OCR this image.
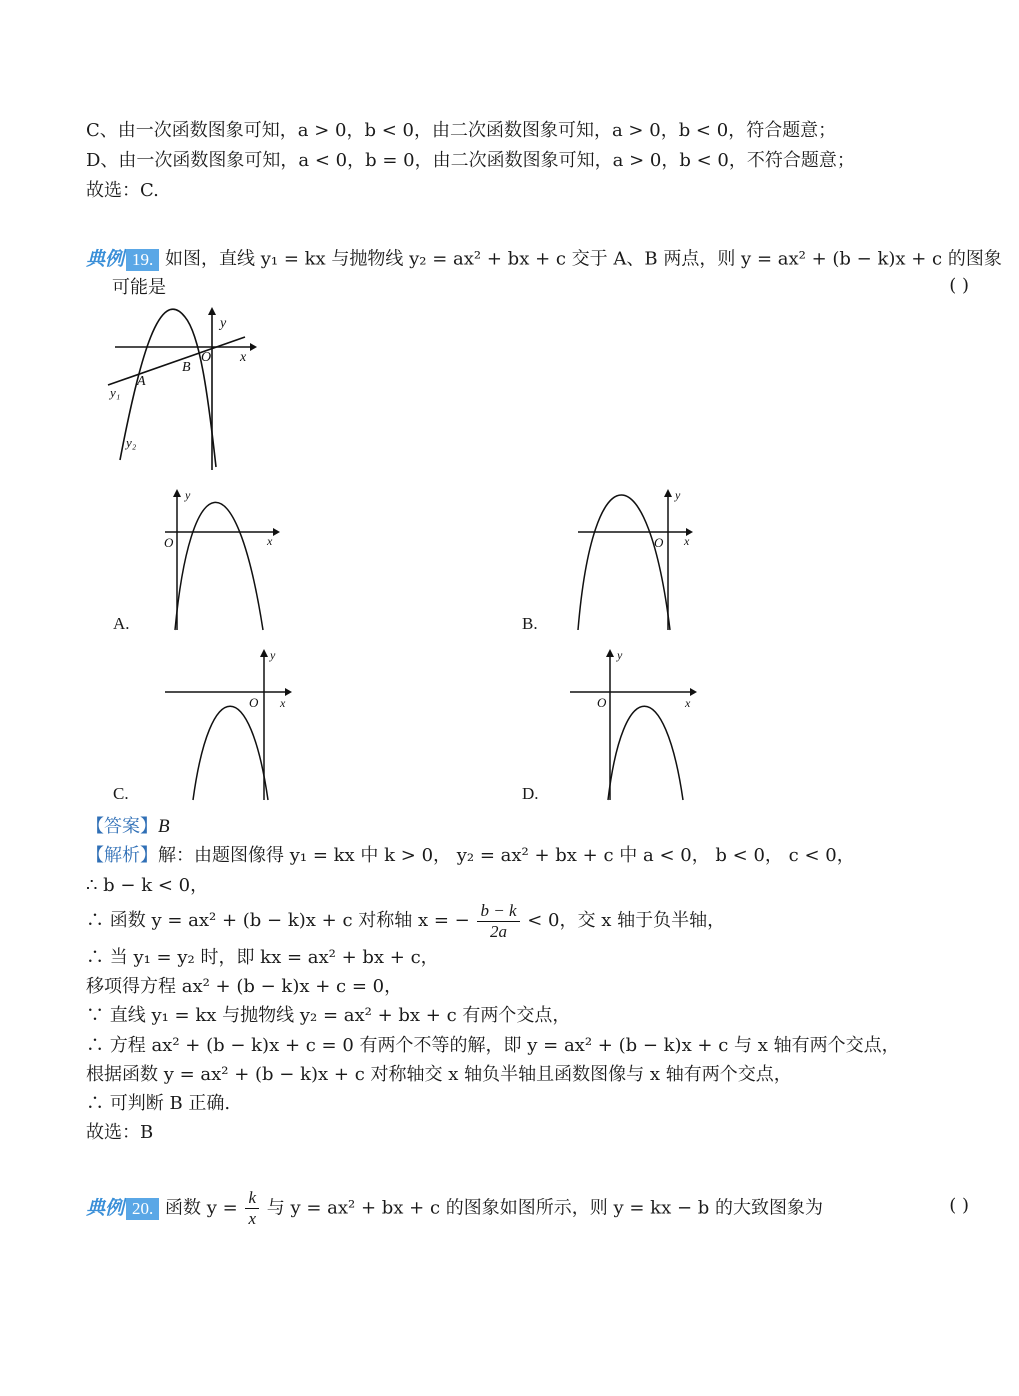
C、由一次函数图象可知，a > 0，b < 0，由二次函数图象可知，a > 0，b < 0，符合题意；
D、由一次函数图象可知，a < 0，b = 0，由二次函数图象可知，a > 0，b < 0，不符合题意；
故选：C.
典例 19. 如图，直线 y₁ = kx 与抛物线 y₂ = ax² + bx + c 交于 A、B 两点，则 y = ax² + (b − k)x + c 的图象
可能是	( )
y
x
O
A
B
y₁
y₂
y
x
O
A.
y
x
O
B.
y
x
O
C.
y
x
O
D.
【答案】B
【解析】解：由题图像得 y₁ = kx 中 k > 0， y₂ = ax² + bx + c 中 a < 0， b < 0， c < 0，
∴ b − k < 0，
∴ 函数 y = ax² + (b − k)x + c 对称轴 x = − $\frac{b - k}{2a} < 0$，交 x 轴于负半轴，
∴ 当 y₁ = y₂ 时，即 kx = ax² + bx + c，
移项得方程 ax² + (b − k)x + c = 0，
∵ 直线 y₁ = kx 与抛物线 y₂ = ax² + bx + c 有两个交点，
∴ 方程 ax² + (b − k)x + c = 0 有两个不等的解，即 y = ax² + (b − k)x + c 与 x 轴有两个交点，
根据函数 y = ax² + (b − k)x + c 对称轴交 x 轴负半轴且函数图像与 x 轴有两个交点，
∴ 可判断 B 正确.
故选：B
典例 20. 函数 $y = \frac{k}{x}$ 与 y = ax² + bx + c 的图象如图所示，则 y = kx − b 的大致图象为	( )
